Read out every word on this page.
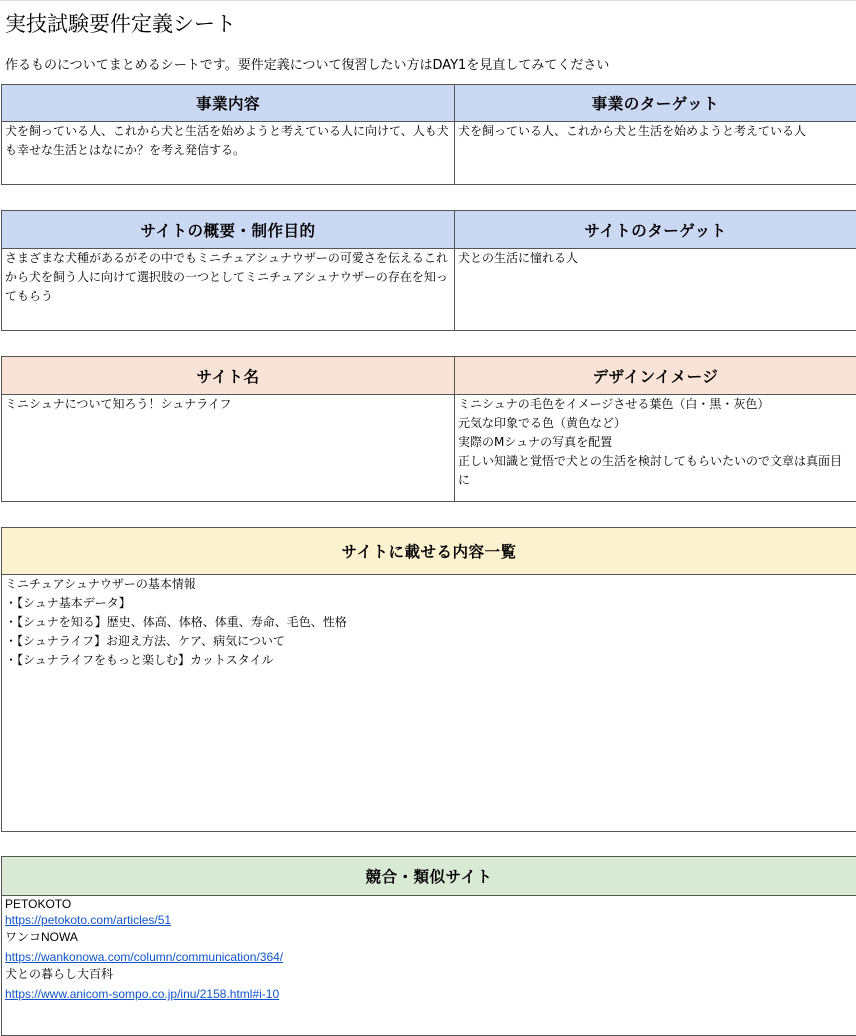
実技試験要件定義シート
作るものについてまとめるシートです。要件定義について復習したい方はDAY1を見直してみてください
事業内容	事業のターゲット

犬を飼っている人、これから犬と生活を始めようと考えている人に向けて、人も犬も幸せな生活とはなにか？を考え発信する。	犬を飼っている人、これから犬と生活を始めようと考えている人
サイトの概要・制作目的	サイトのターゲット

さまざまな犬種があるがその中でもミニチュアシュナウザーの可愛さを伝えるこれから犬を飼う人に向けて選択肢の一つとしてミニチュアシュナウザーの存在を知ってもらう	犬との生活に憧れる人
サイト名	デザインイメージ

ミニシュナについて知ろう！シュナライフ	ミニシュナの毛色をイメージさせる葉色（白・黒・灰色）
元気な印象でる色（黄色など）
実際のMシュナの写真を配置
正しい知識と覚悟で犬との生活を検討してもらいたいので文章は真面目に
サイトに載せる内容一覧

ミニチュアシュナウザーの基本情報
・【シュナ基本データ】
・【シュナを知る】歴史、体高、体格、体重、寿命、毛色、性格
・【シュナライフ】お迎え方法、ケア、病気について
・【シュナライフをもっと楽しむ】カットスタイル
競合・類似サイト

PETOKOTO
https://petokoto.com/articles/51
ワンコNOWA
https://wankonowa.com/column/communication/364/
犬との暮らし大百科
https://www.anicom-sompo.co.jp/inu/2158.html#i-10
